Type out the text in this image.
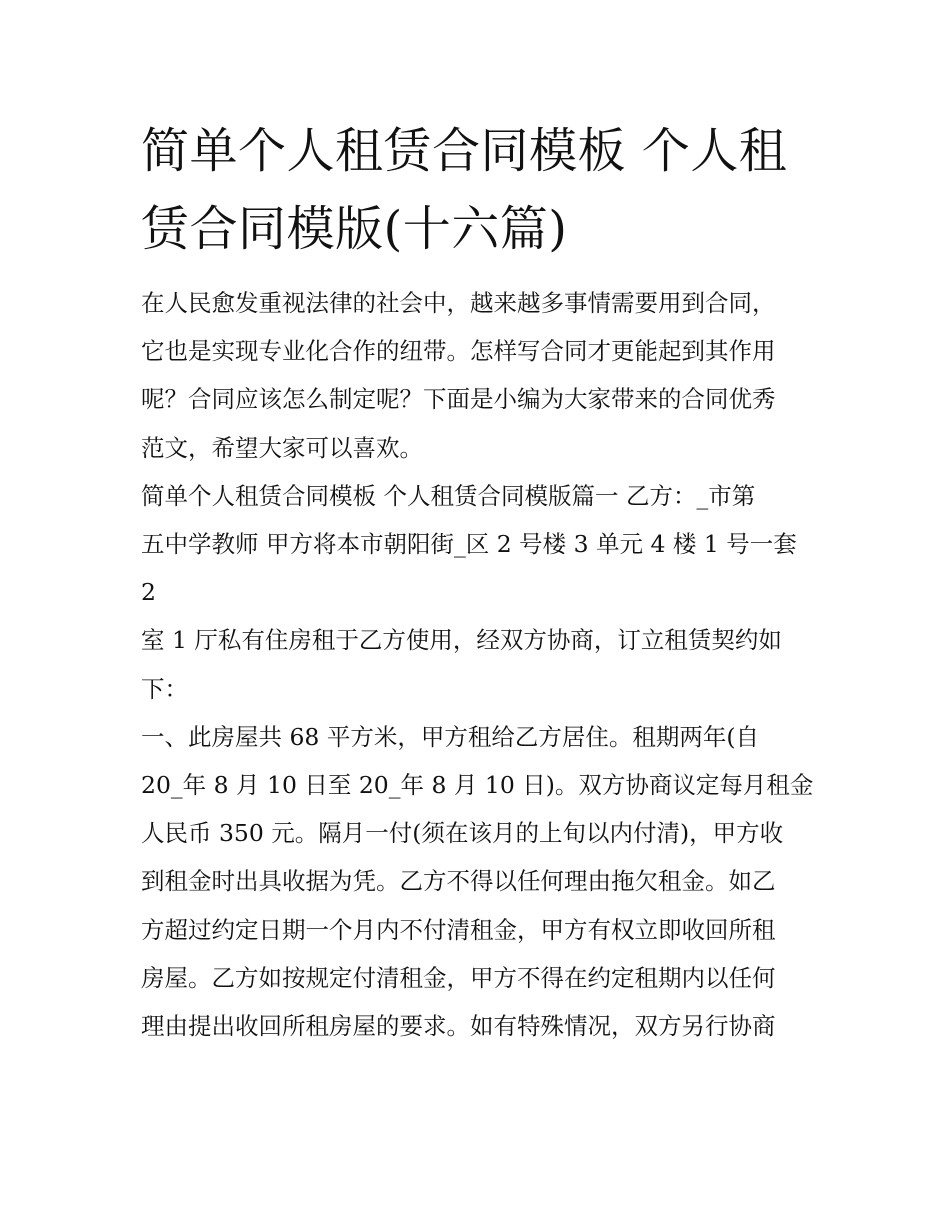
简单个人租赁合同模板 个人租
赁合同模版(十六篇)

在人民愈发重视法律的社会中，越来越多事情需要用到合同，
它也是实现专业化合作的纽带。怎样写合同才更能起到其作用
呢？合同应该怎么制定呢？下面是小编为大家带来的合同优秀
范文，希望大家可以喜欢。

简单个人租赁合同模板 个人租赁合同模版篇一 乙方：_市第
五中学教师 甲方将本市朝阳街_区 2 号楼 3 单元 4 楼 1 号一套
2

室 1 厅私有住房租于乙方使用，经双方协商，订立租赁契约如
下：

一、此房屋共 68 平方米，甲方租给乙方居住。租期两年(自
20_年 8 月 10 日至 20_年 8 月 10 日)。双方协商议定每月租金
人民币 350 元。隔月一付(须在该月的上旬以内付清)，甲方收
到租金时出具收据为凭。乙方不得以任何理由拖欠租金。如乙
方超过约定日期一个月内不付清租金，甲方有权立即收回所租
房屋。乙方如按规定付清租金，甲方不得在约定租期内以任何
理由提出收回所租房屋的要求。如有特殊情况，双方另行协商
